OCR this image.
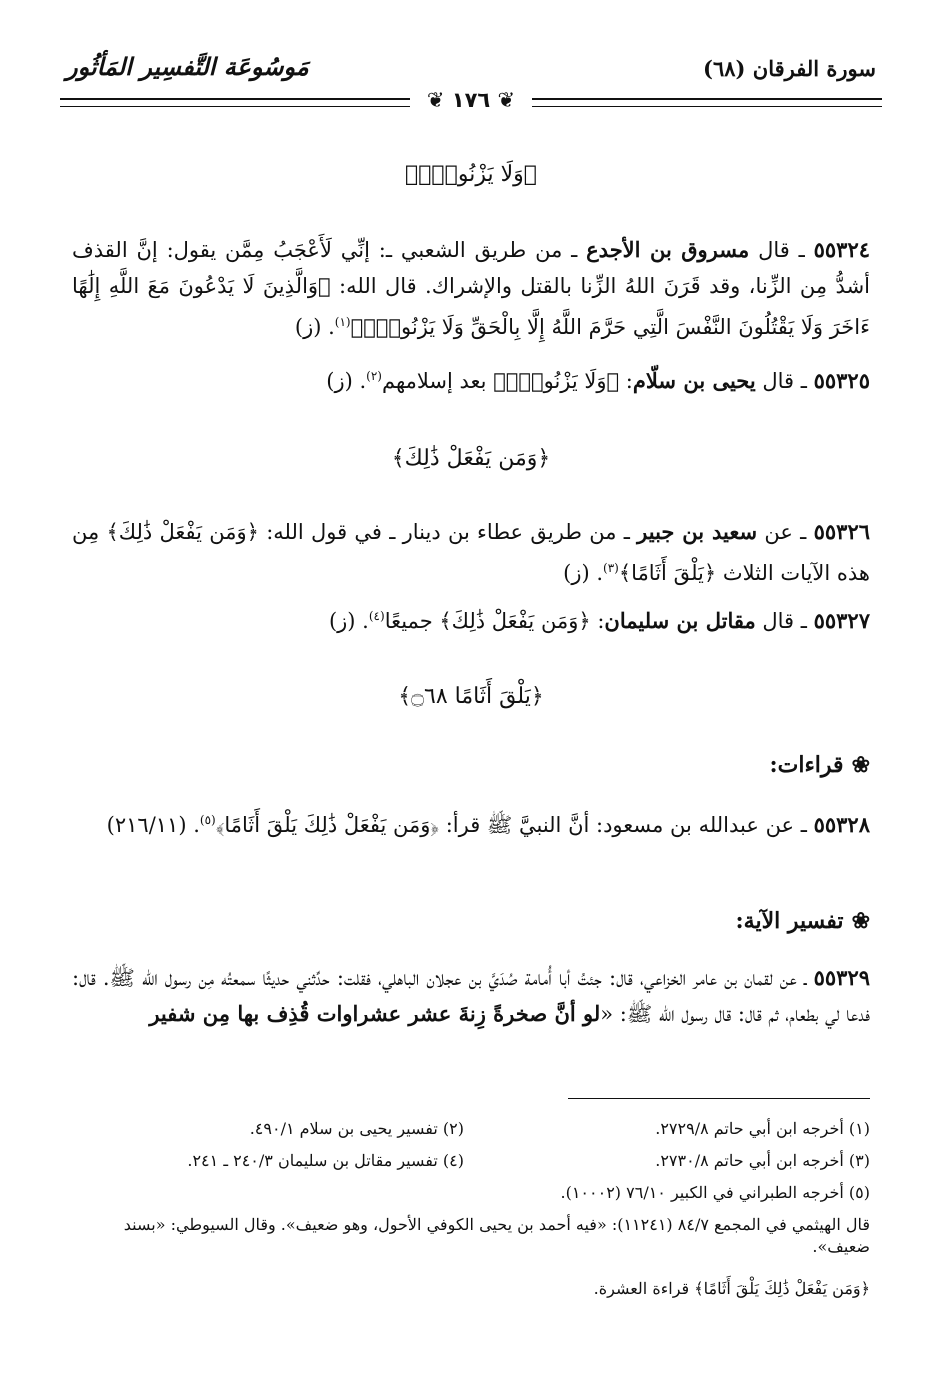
مَوسُوعَة التَّفسِير المَأثُور	سورة الفرقان (٦٨)
❦ ١٧٦ ❦
﴿وَلَا يَزْنُونَۚ﴾
٥٥٣٢٤ ـ قال مسروق بن الأجدع ـ من طريق الشعبي ـ: إنِّي لَأَعْجَبُ مِمَّن يقول: إنَّ القذف أشدُّ مِن الزِّنا، وقد قَرَنَ اللهُ الزِّنا بالقتل والإشراك. قال الله: ﴿وَالَّذِينَ لَا يَدْعُونَ مَعَ اللَّهِ إِلَٰهًا ءَاخَرَ وَلَا يَقْتُلُونَ النَّفْسَ الَّتِي حَرَّمَ اللَّهُ إِلَّا بِالْحَقِّ وَلَا يَزْنُونَۚ﴾$^{(١)}$. (ز)
٥٥٣٢٥ ـ قال يحيى بن سلّام: ﴿وَلَا يَزْنُونَۚ﴾ بعد إسلامهم$^{(٢)}$. (ز)
﴿وَمَن يَفْعَلْ ذَٰلِكَ﴾
٥٥٣٢٦ ـ عن سعيد بن جبير ـ من طريق عطاء بن دينار ـ في قول الله: ﴿وَمَن يَفْعَلْ ذَٰلِكَ﴾ مِن هذه الآيات الثلاث ﴿يَلْقَ أَثَامًا﴾$^{(٣)}$. (ز)
٥٥٣٢٧ ـ قال مقاتل بن سليمان: ﴿وَمَن يَفْعَلْ ذَٰلِكَ﴾ جميعًا$^{(٤)}$. (ز)
﴿يَلْقَ أَثَامًا ۝٦٨﴾
❀قراءات:
٥٥٣٢٨ ـ عن عبدالله بن مسعود: أنَّ النبيَّ ﷺ قرأ: ﴿وَمَن يَفْعَلْ ذَٰلِكَ يَلْقَ أَثَامًا﴾$^{(٥)}$. (٢١٦/١١)
❀تفسير الآية:
٥٥٣٢٩ ـ عن لقمان بن عامر الخزاعي، قال: جئتُ أبا أُمامة صُدَيَّ بن عجلان الباهلي، فقلت: حدِّثني حديثًا سمعتُه مِن رسول الله ﷺ. قال: فدعا لي بطعام، ثم قال: قال رسول الله ﷺ: «لو أنَّ صخرةً زِنةَ عشر عشراوات قُذِف بها مِن شفير
(١) أخرجه ابن أبي حاتم ٢٧٢٩/٨.
(٢) تفسير يحيى بن سلام ٤٩٠/١.
(٣) أخرجه ابن أبي حاتم ٢٧٣٠/٨.
(٤) تفسير مقاتل بن سليمان ٢٤٠/٣ ـ ٢٤١.
(٥) أخرجه الطبراني في الكبير ٧٦/١٠ (١٠٠٠٢).
قال الهيثمي في المجمع ٨٤/٧ (١١٢٤١): «فيه أحمد بن يحيى الكوفي الأحول، وهو ضعيف». وقال السيوطي: «بسند ضعيف».
﴿وَمَن يَفْعَلْ ذَٰلِكَ يَلْقَ أَثَامًا﴾ قراءة العشرة.
